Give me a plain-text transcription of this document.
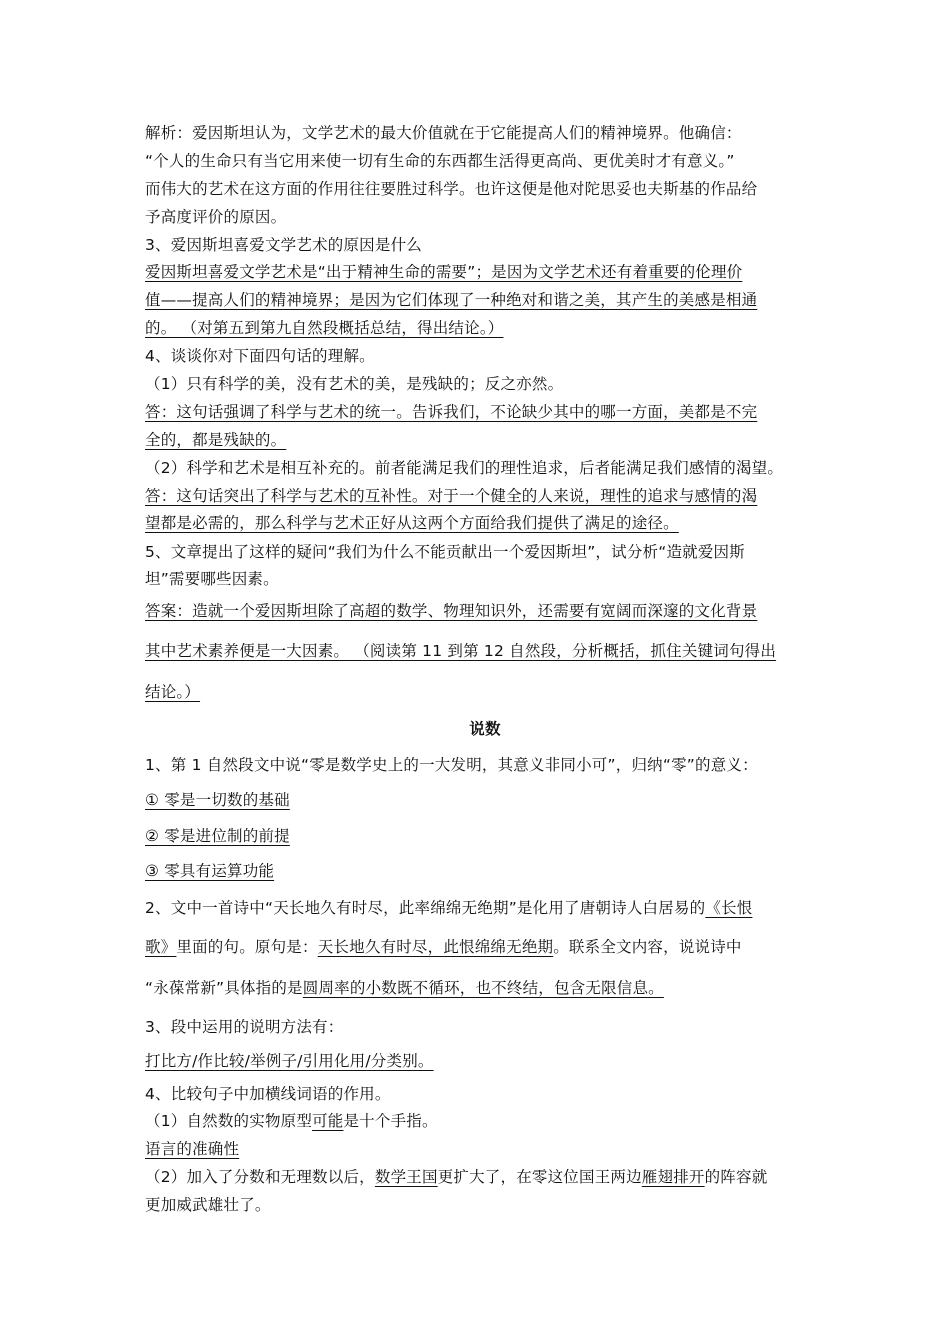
解析：爱因斯坦认为，文学艺术的最大价值就在于它能提高人们的精神境界。他确信：
“个人的生命只有当它用来使一切有生命的东西都生活得更高尚、更优美时才有意义。”
而伟大的艺术在这方面的作用往往要胜过科学。也许这便是他对陀思妥也夫斯基的作品给
予高度评价的原因。
3、爱因斯坦喜爱文学艺术的原因是什么
爱因斯坦喜爱文学艺术是“出于精神生命的需要”；是因为文学艺术还有着重要的伦理价
值——提高人们的精神境界；是因为它们体现了一种绝对和谐之美，其产生的美感是相通
的。 （对第五到第九自然段概括总结，得出结论。）
4、谈谈你对下面四句话的理解。
（1）只有科学的美，没有艺术的美，是残缺的；反之亦然。
答：这句话强调了科学与艺术的统一。告诉我们，不论缺少其中的哪一方面，美都是不完
全的，都是残缺的。
（2）科学和艺术是相互补充的。前者能满足我们的理性追求，后者能满足我们感情的渴望。
答：这句话突出了科学与艺术的互补性。对于一个健全的人来说，理性的追求与感情的渴
望都是必需的，那么科学与艺术正好从这两个方面给我们提供了满足的途径。
5、文章提出了这样的疑问“我们为什么不能贡献出一个爱因斯坦”，试分析“造就爱因斯
坦”需要哪些因素。
答案：造就一个爱因斯坦除了高超的数学、物理知识外，还需要有宽阔而深邃的文化背景
其中艺术素养便是一大因素。 （阅读第 11 到第 12 自然段，分析概括，抓住关键词句得出
结论。）
说数
1、第 1 自然段文中说“零是数学史上的一大发明，其意义非同小可”，归纳“零”的意义：
① 零是一切数的基础
② 零是进位制的前提
③ 零具有运算功能
2、文中一首诗中“天长地久有时尽，此率绵绵无绝期”是化用了唐朝诗人白居易的《长恨
歌》里面的句。原句是：天长地久有时尽，此恨绵绵无绝期。联系全文内容，说说诗中
“永葆常新”具体指的是圆周率的小数既不循环，也不终结，包含无限信息。
3、段中运用的说明方法有：
打比方/作比较/举例子/引用化用/分类别。
4、比较句子中加横线词语的作用。
（1）自然数的实物原型可能是十个手指。
语言的准确性
（2）加入了分数和无理数以后，数学王国更扩大了，在零这位国王两边雁翅排开的阵容就
更加威武雄壮了。
